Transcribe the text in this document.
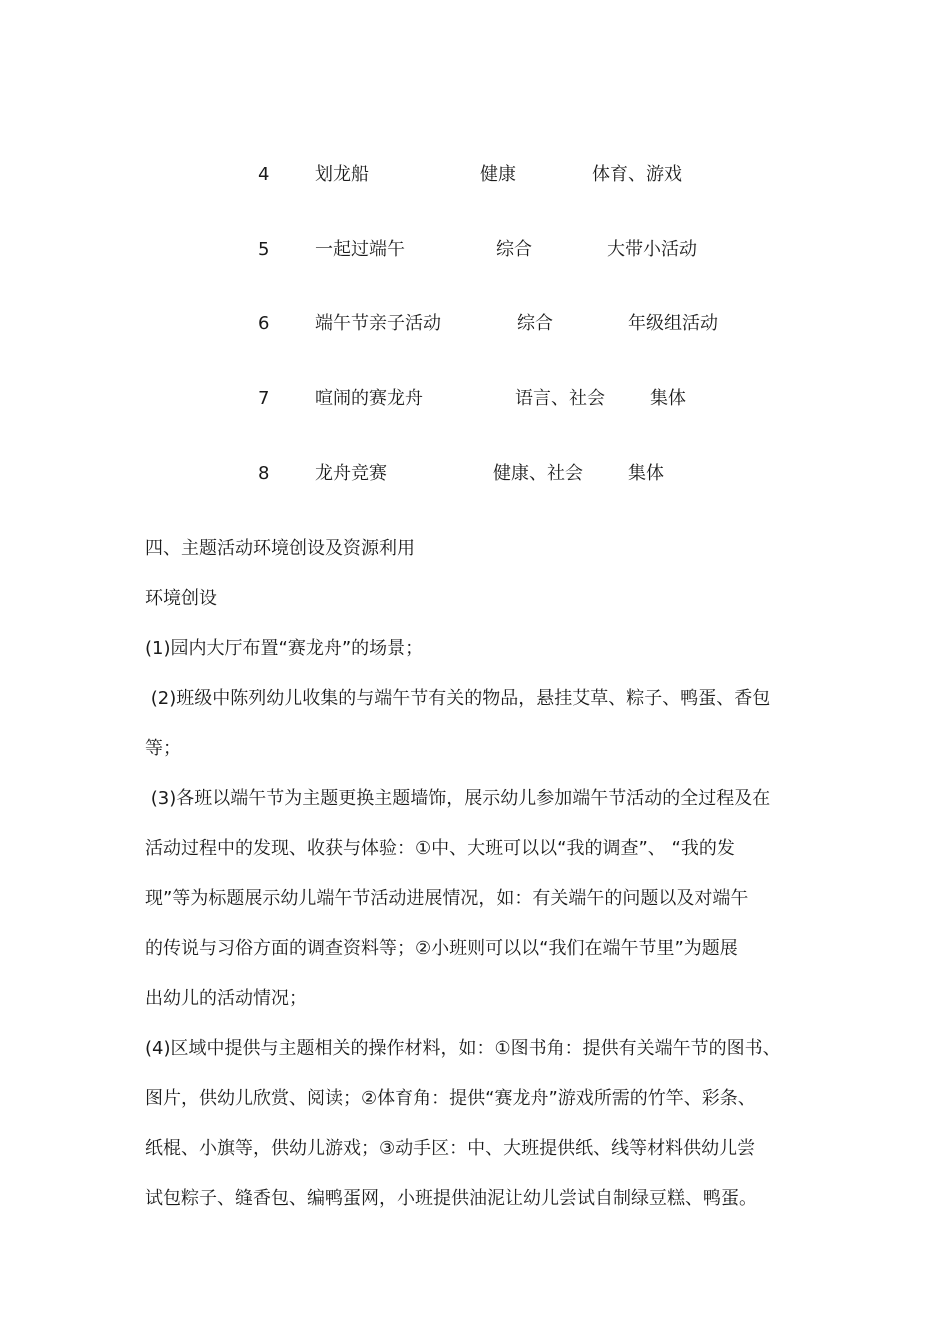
4	划龙船	健康	体育、游戏
5	一起过端午	综合	大带小活动
6	端午节亲子活动	综合	年级组活动
7	喧闹的赛龙舟	语言、社会	集体
8	龙舟竞赛	健康、社会	集体
四、主题活动环境创设及资源利用
环境创设
(1)园内大厅布置“赛龙舟”的场景；
(2)班级中陈列幼儿收集的与端午节有关的物品，悬挂艾草、粽子、鸭蛋、香包
等；
(3)各班以端午节为主题更换主题墙饰，展示幼儿参加端午节活动的全过程及在
活动过程中的发现、收获与体验：①中、大班可以以“我的调查”、 “我的发
现”等为标题展示幼儿端午节活动进展情况，如：有关端午的问题以及对端午
的传说与习俗方面的调查资料等；②小班则可以以“我们在端午节里”为题展
出幼儿的活动情况；
(4)区域中提供与主题相关的操作材料，如：①图书角：提供有关端午节的图书、
图片，供幼儿欣赏、阅读；②体育角：提供“赛龙舟”游戏所需的竹竿、彩条、
纸棍、小旗等，供幼儿游戏；③动手区：中、大班提供纸、线等材料供幼儿尝
试包粽子、缝香包、编鸭蛋网，小班提供油泥让幼儿尝试自制绿豆糕、鸭蛋。
